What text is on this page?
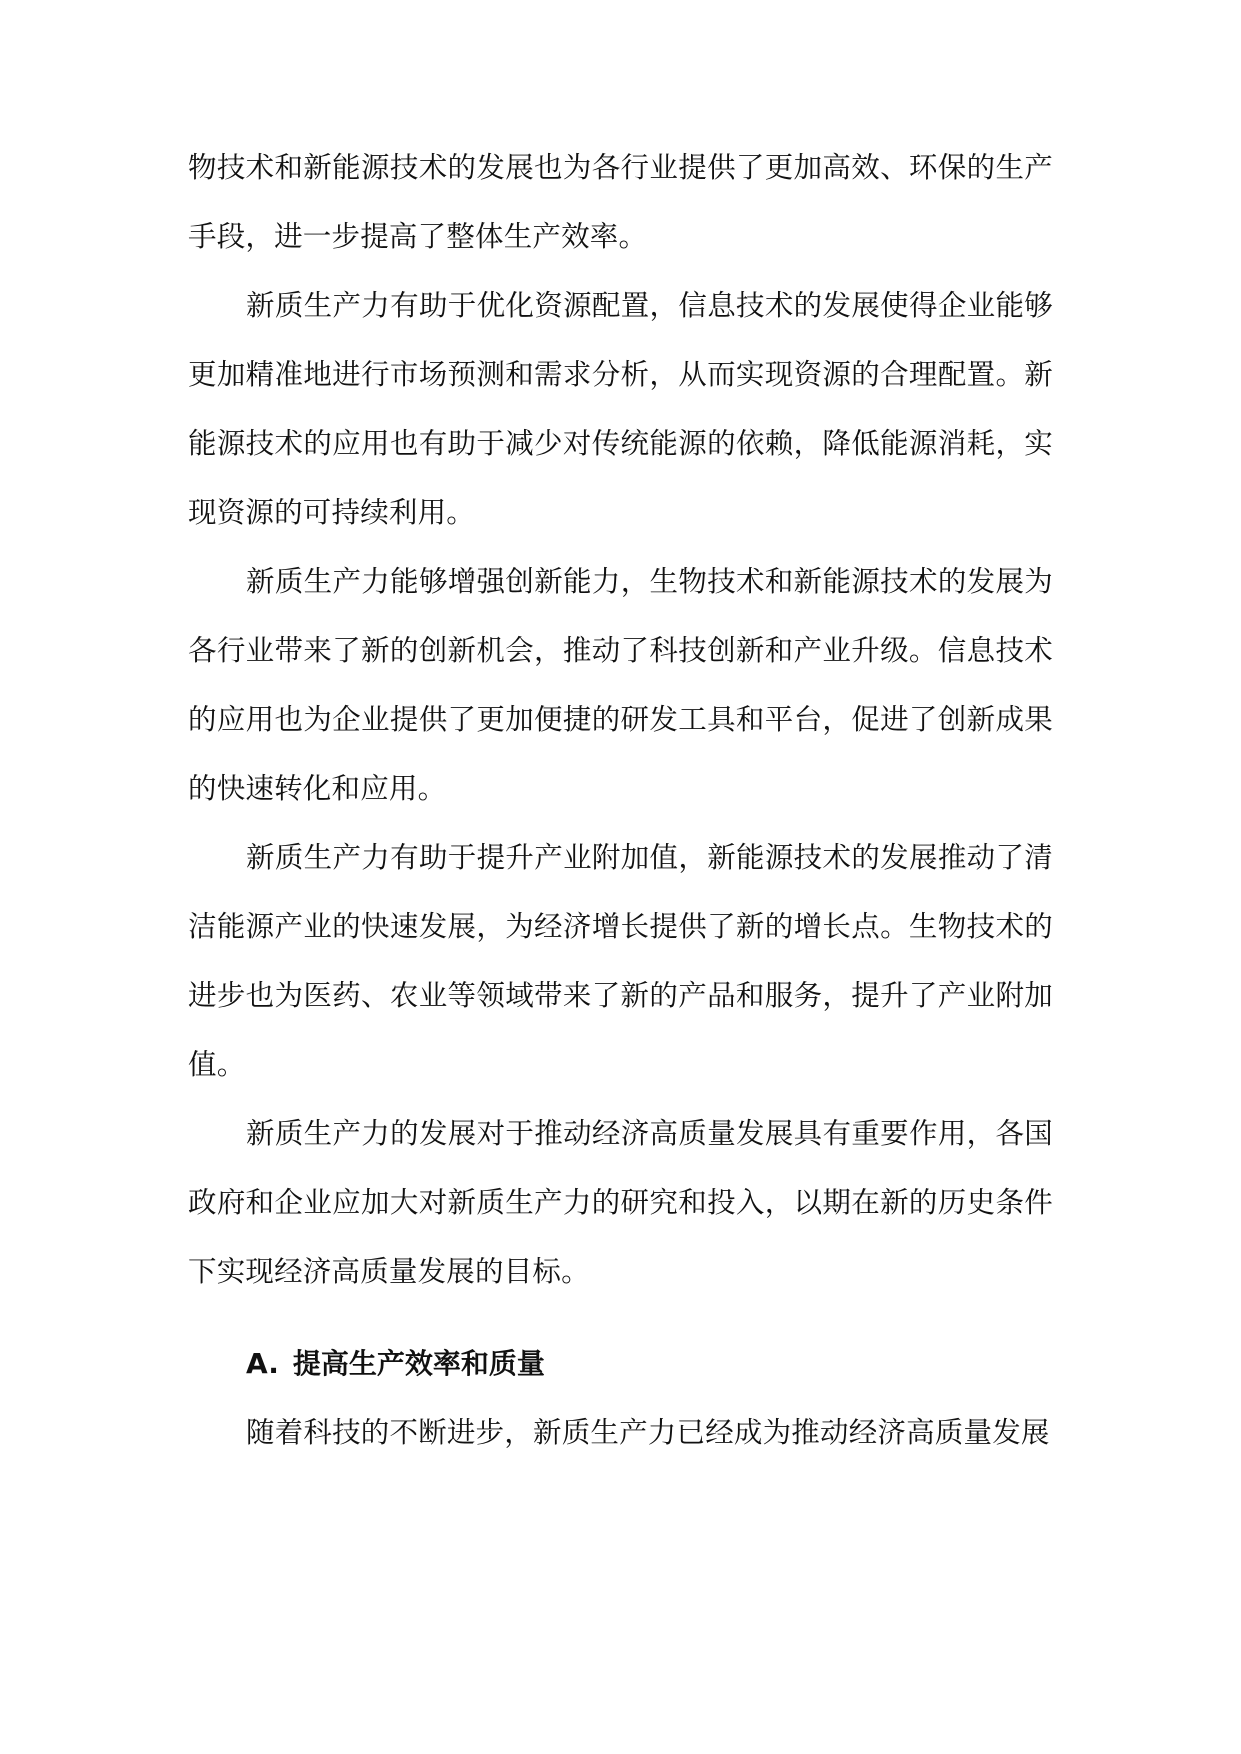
物技术和新能源技术的发展也为各行业提供了更加高效、环保的生产手段，进一步提高了整体生产效率。

新质生产力有助于优化资源配置，信息技术的发展使得企业能够更加精准地进行市场预测和需求分析，从而实现资源的合理配置。新能源技术的应用也有助于减少对传统能源的依赖，降低能源消耗，实现资源的可持续利用。

新质生产力能够增强创新能力，生物技术和新能源技术的发展为各行业带来了新的创新机会，推动了科技创新和产业升级。信息技术的应用也为企业提供了更加便捷的研发工具和平台，促进了创新成果的快速转化和应用。

新质生产力有助于提升产业附加值，新能源技术的发展推动了清洁能源产业的快速发展，为经济增长提供了新的增长点。生物技术的进步也为医药、农业等领域带来了新的产品和服务，提升了产业附加值。

新质生产力的发展对于推动经济高质量发展具有重要作用，各国政府和企业应加大对新质生产力的研究和投入，以期在新的历史条件下实现经济高质量发展的目标。

A. 提高生产效率和质量

随着科技的不断进步，新质生产力已经成为推动经济高质量发展
